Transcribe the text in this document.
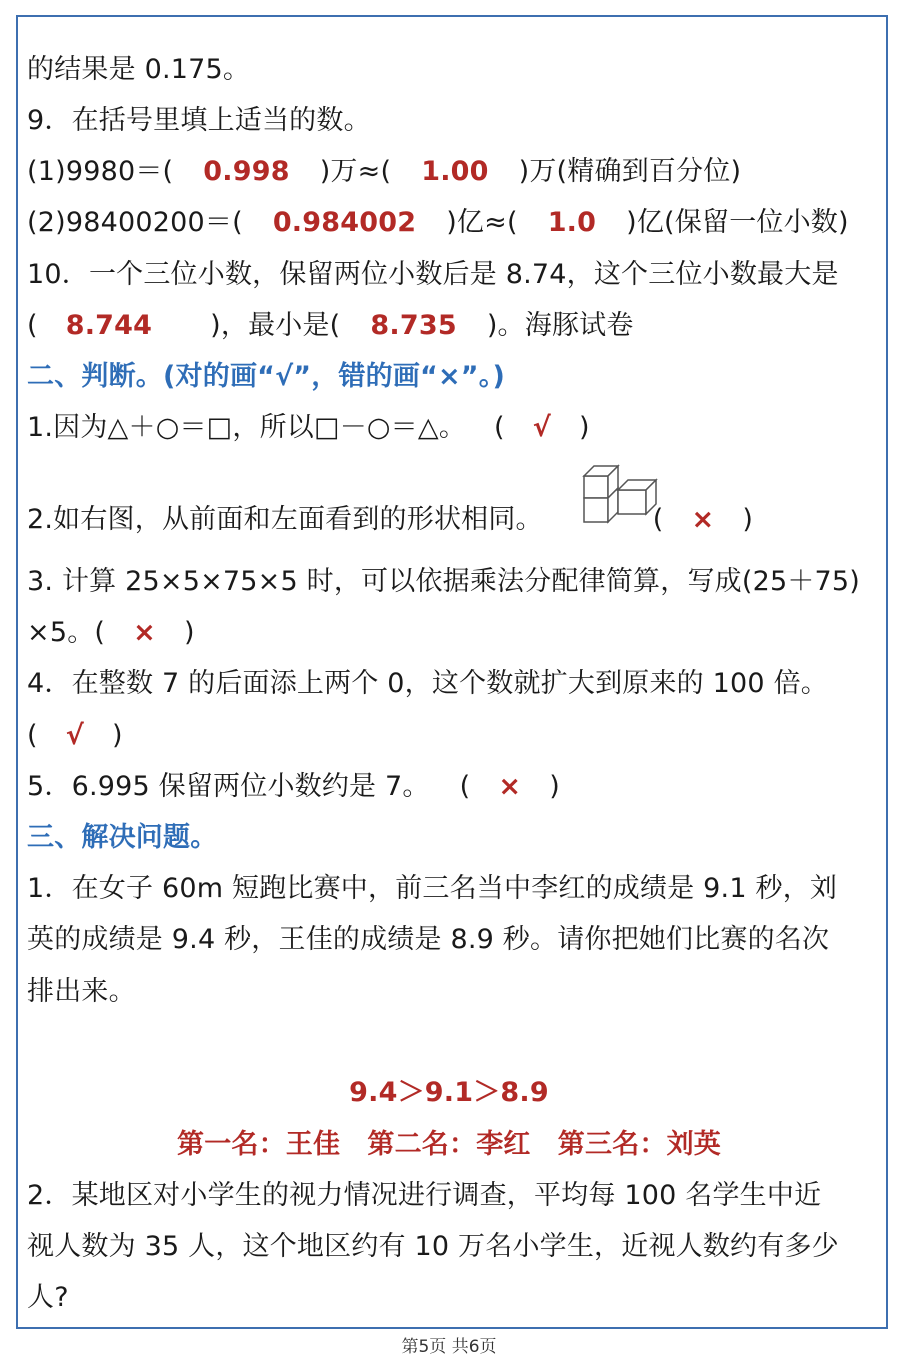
的结果是 0.175。
9．在括号里填上适当的数。
(1)9980＝( 0.998 )万≈( 1.00 )万(精确到百分位)
(2)98400200＝( 0.984002 )亿≈( 1.0 )亿(保留一位小数)
10．一个三位小数，保留两位小数后是 8.74，这个三位小数最大是
( 8.744 )，最小是( 8.735 )。海豚试卷
二、判断。(对的画“√”，错的画“×”。)
1.因为△＋○＝□，所以□－○＝△。 ( √ )
2.如右图，从前面和左面看到的形状相同。	( × )
3. 计算 25×5×75×5 时，可以依据乘法分配律简算，写成(25＋75)
×5。( × )
4．在整数 7 的后面添上两个 0，这个数就扩大到原来的 100 倍。
( √ )
5．6.995 保留两位小数约是 7。 ( × )
三、解决问题。
1．在女子 60m 短跑比赛中，前三名当中李红的成绩是 9.1 秒，刘
英的成绩是 9.4 秒，王佳的成绩是 8.9 秒。请你把她们比赛的名次
排出来。
9.4＞9.1＞8.9
第一名：王佳　第二名：李红　第三名：刘英
2．某地区对小学生的视力情况进行调查，平均每 100 名学生中近
视人数为 35 人，这个地区约有 10 万名小学生，近视人数约有多少
人?
第5页 共6页
